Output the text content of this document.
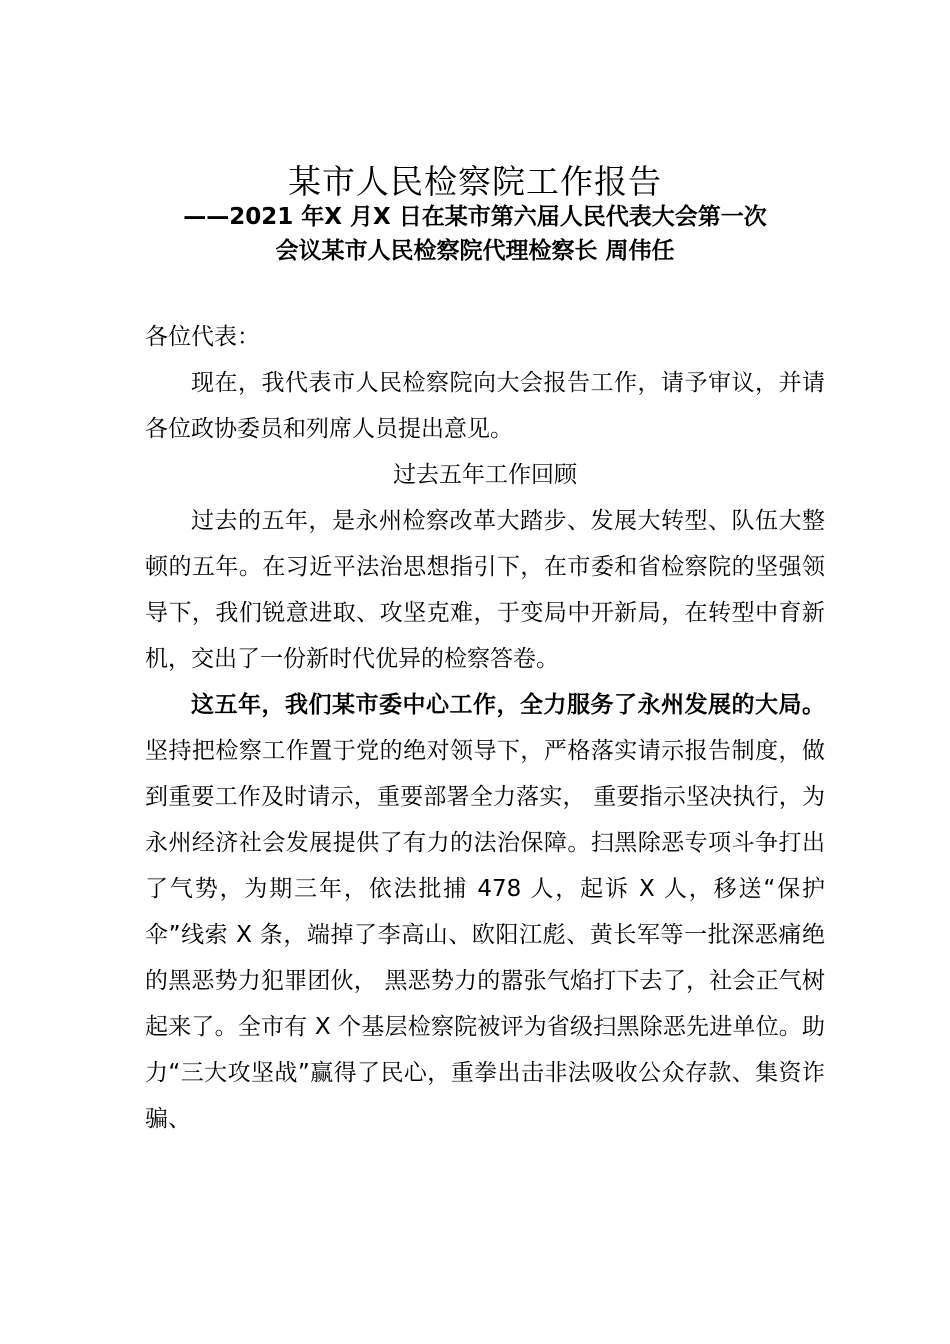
某市人民检察院工作报告
——2021 年X 月X 日在某市第六届人民代表大会第一次
会议某市人民检察院代理检察长 周伟任

各位代表：

现在，我代表市人民检察院向大会报告工作，请予审议，并请各位政协委员和列席人员提出意见。

过去五年工作回顾

过去的五年，是永州检察改革大踏步、发展大转型、队伍大整顿的五年。在习近平法治思想指引下，在市委和省检察院的坚强领导下，我们锐意进取、攻坚克难，于变局中开新局，在转型中育新机，交出了一份新时代优异的检察答卷。

这五年，我们某市委中心工作，全力服务了永州发展的大局。坚持把检察工作置于党的绝对领导下，严格落实请示报告制度，做到重要工作及时请示，重要部署全力落实， 重要指示坚决执行，为永州经济社会发展提供了有力的法治保障。扫黑除恶专项斗争打出了气势，为期三年，依法批捕 478 人，起诉 X 人，移送“保护伞”线索 X 条，端掉了李高山、欧阳江彪、黄长军等一批深恶痛绝的黑恶势力犯罪团伙， 黑恶势力的嚣张气焰打下去了，社会正气树起来了。全市有 X 个基层检察院被评为省级扫黑除恶先进单位。助力“三大攻坚战”赢得了民心，重拳出击非法吸收公众存款、集资诈骗、
